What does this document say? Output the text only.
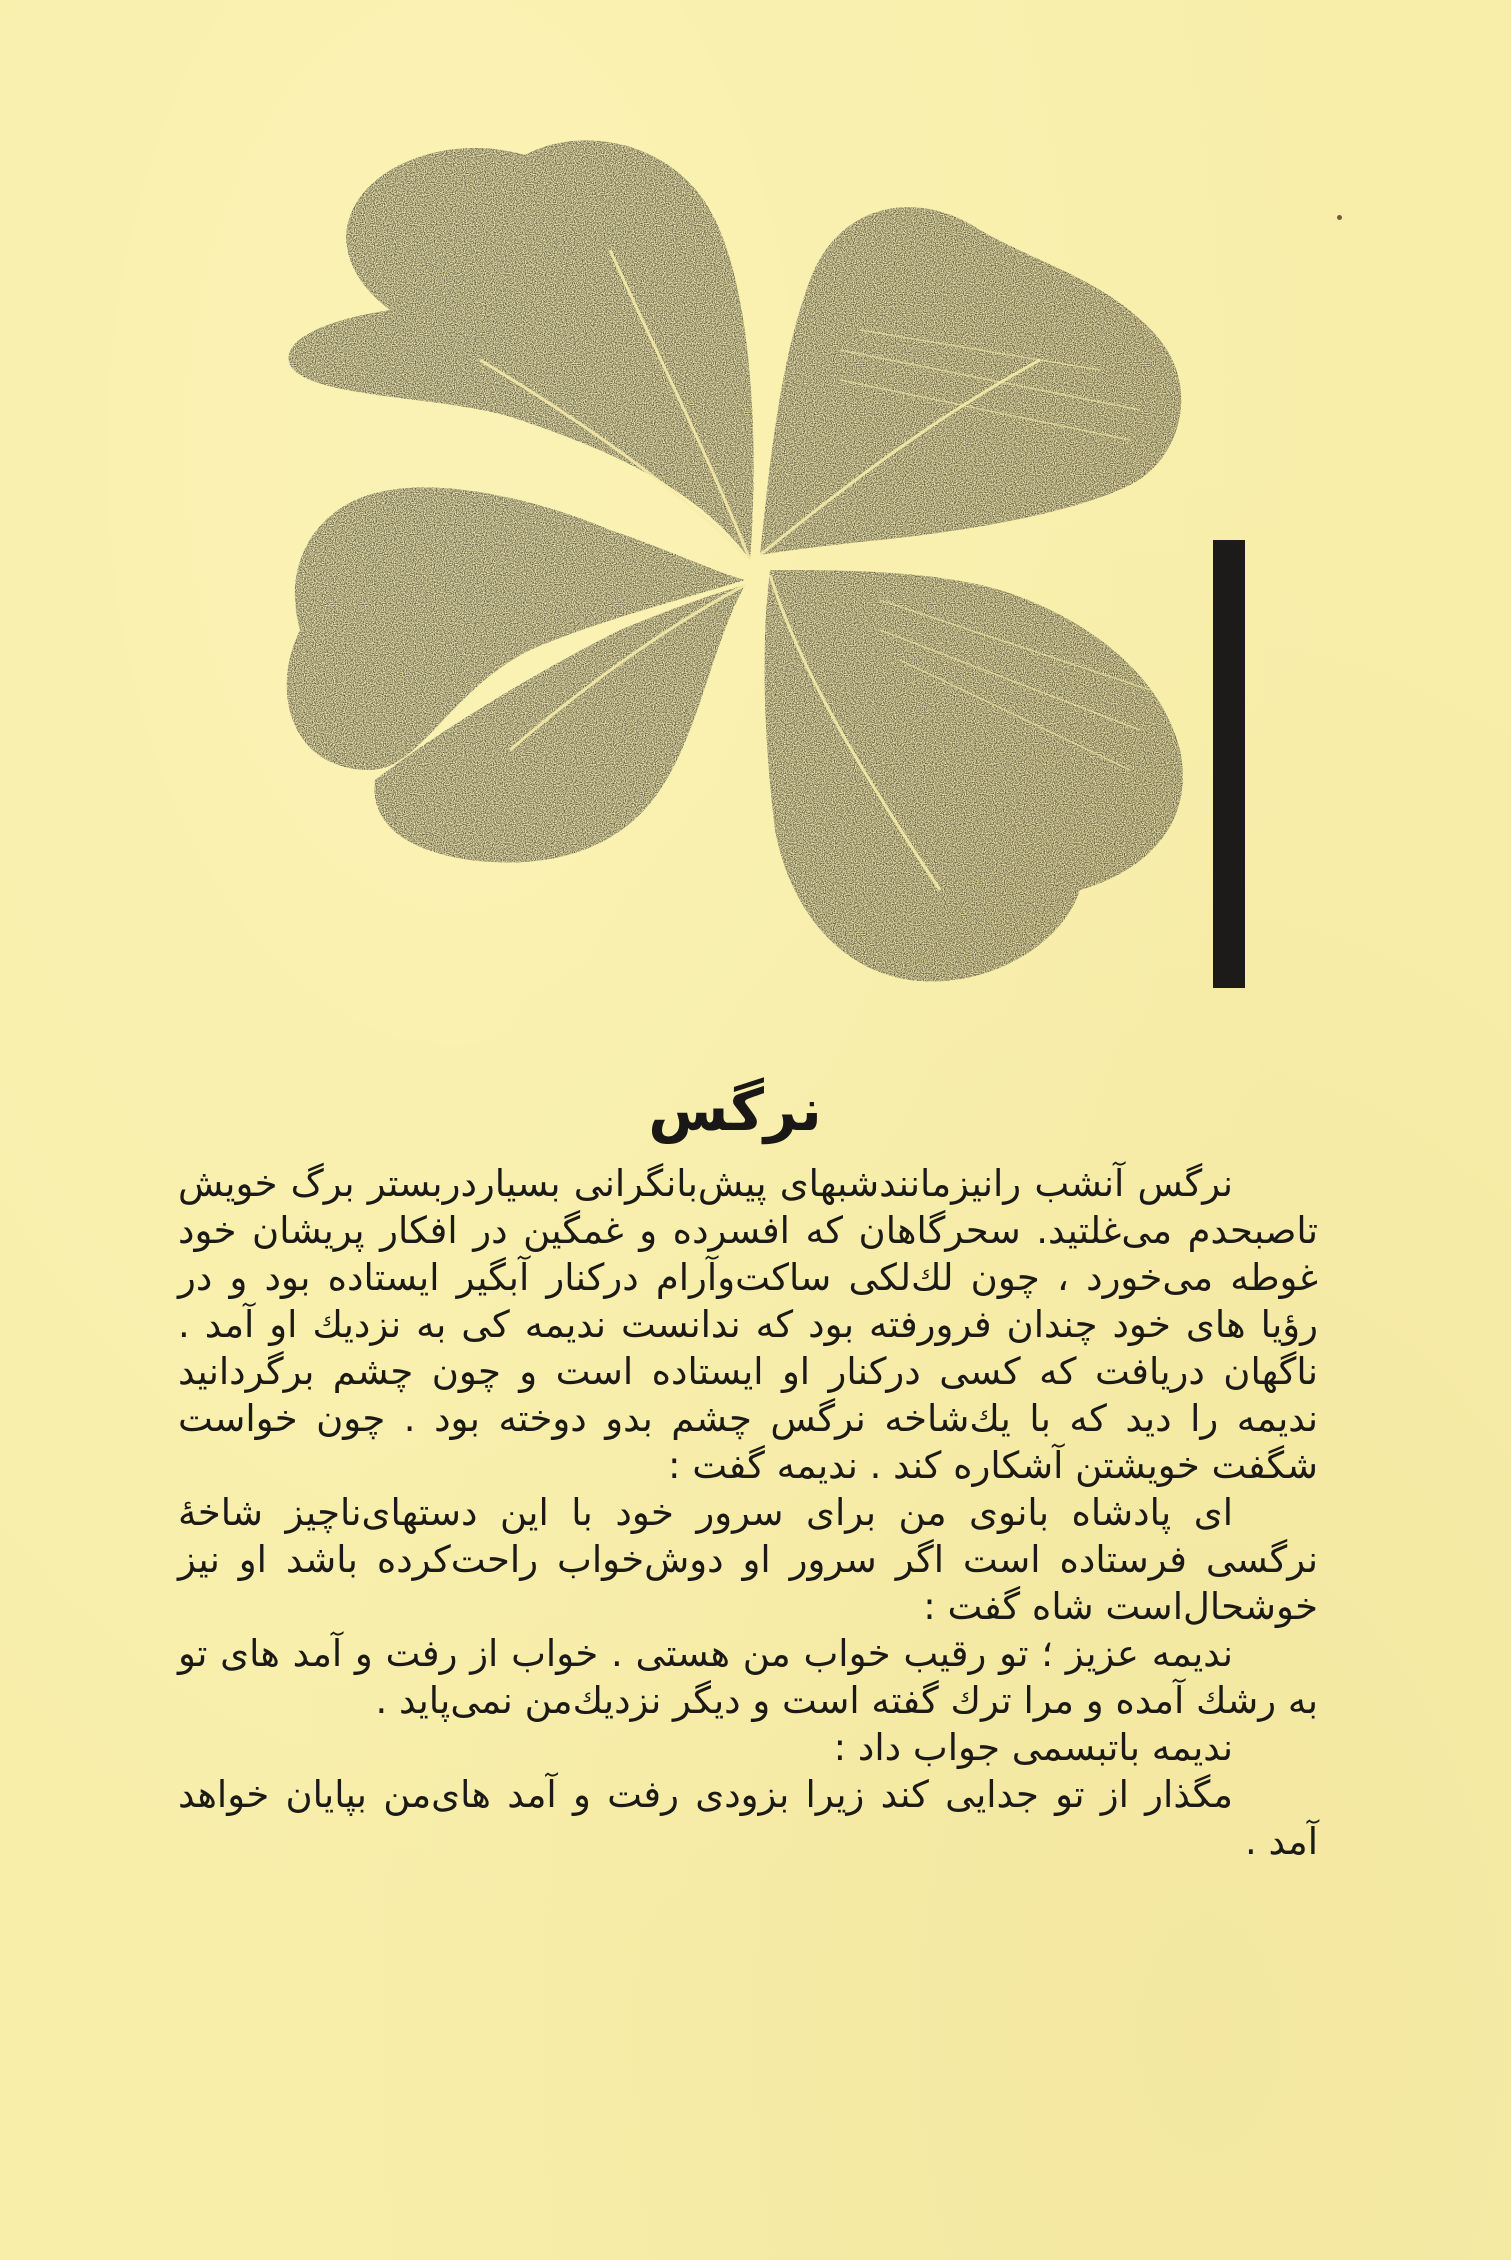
نرگس

نرگس آنشب رانیزمانندشبهای پیش‌بانگرانی بسیاردربستر برگ خویش تاصبحدم می‌غلتید. سحرگاهان که افسرده و غمگین در افکار پریشان خود غوطه می‌خورد ، چون لك‌لکی ساکت‌وآرام درکنار آبگیر ایستاده بود و در رؤیا های خود چندان فرورفته بود که ندانست ندیمه کی به نزدیك او آمد . ناگهان دریافت که کسی درکنار او ایستاده است و چون چشم برگردانید ندیمه را دید که با یك‌شاخه نرگس چشم بدو دوخته بود . چون خواست شگفت خویشتن آشکاره کند . ندیمه گفت :

ای پادشاه بانوی من برای سرور خود با این دستهای‌ناچیز شاخهٔ نرگسی فرستاده است اگر سرور او دوش‌خواب راحت‌کرده باشد او نیز خوشحال‌است شاه گفت :

ندیمه عزیز ؛ تو رقیب خواب من هستی . خواب از رفت و آمد های تو به رشك آمده و مرا ترك گفته است و دیگر نزدیك‌من نمی‌پاید .

ندیمه باتبسمی جواب داد :

مگذار از تو جدایی کند زیرا بزودی رفت و آمد های‌من بپایان خواهد آمد .
